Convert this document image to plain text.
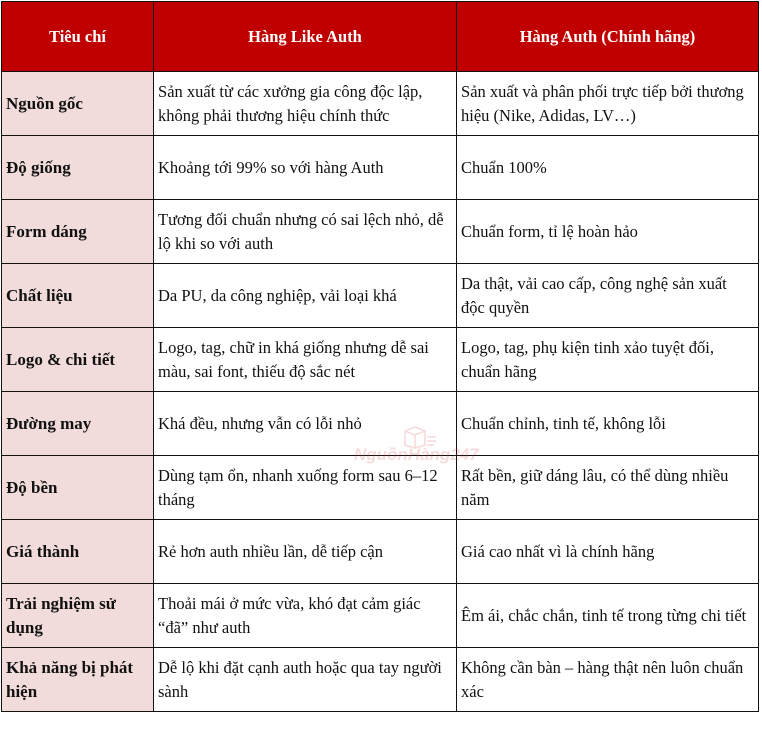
Tiêu chí	Hàng Like Auth	Hàng Auth (Chính hãng)
Nguồn gốc	Sản xuất từ các xưởng gia công độc lập, không phải thương hiệu chính thức	Sản xuất và phân phối trực tiếp bởi thương hiệu (Nike, Adidas, LV…)
Độ giống	Khoảng tới 99% so với hàng Auth	Chuẩn 100%
Form dáng	Tương đối chuẩn nhưng có sai lệch nhỏ, dễ lộ khi so với auth	Chuẩn form, tỉ lệ hoàn hảo
Chất liệu	Da PU, da công nghiệp, vải loại khá	Da thật, vải cao cấp, công nghệ sản xuất độc quyền
Logo & chi tiết	Logo, tag, chữ in khá giống nhưng dễ sai màu, sai font, thiếu độ sắc nét	Logo, tag, phụ kiện tinh xảo tuyệt đối, chuẩn hãng
Đường may	Khá đều, nhưng vẫn có lỗi nhỏ	Chuẩn chỉnh, tinh tế, không lỗi
Độ bền	Dùng tạm ổn, nhanh xuống form sau 6–12 tháng	Rất bền, giữ dáng lâu, có thể dùng nhiều năm
Giá thành	Rẻ hơn auth nhiều lần, dễ tiếp cận	Giá cao nhất vì là chính hãng
Trải nghiệm sử dụng	Thoải mái ở mức vừa, khó đạt cảm giác “đã” như auth	Êm ái, chắc chắn, tinh tế trong từng chi tiết
Khả năng bị phát hiện	Dễ lộ khi đặt cạnh auth hoặc qua tay người sành	Không cần bàn – hàng thật nên luôn chuẩn xác
NguồnHàng247
